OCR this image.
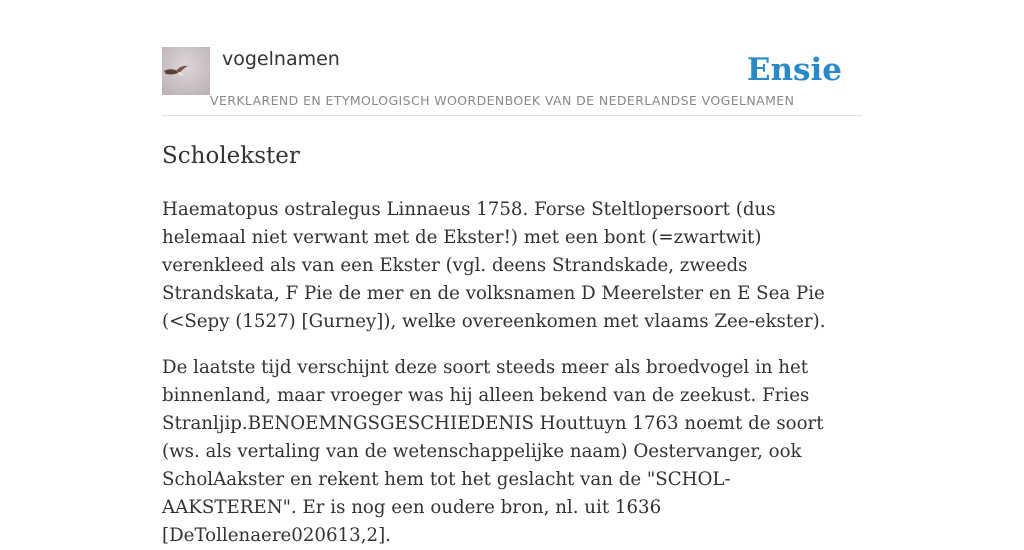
vogelnamen
VERKLAREND EN ETYMOLOGISCH WOORDENBOEK VAN DE NEDERLANDSE VOGELNAMEN
Ensie
Scholekster

Haematopus ostralegus Linnaeus 1758. Forse Steltlopersoort (dus helemaal niet verwant met de Ekster!) met een bont (=zwartwit) verenkleed als van een Ekster (vgl. deens Strandskade, zweeds Strandskata, F Pie de mer en de volksnamen D Meerelster en E Sea Pie (<Sepy (1527) [Gurney]), welke overeenkomen met vlaams Zee-ekster).

De laatste tijd verschijnt deze soort steeds meer als broedvogel in het binnenland, maar vroeger was hij alleen bekend van de zeekust. Fries Stranljip.BENOEMNGSGESCHIEDENIS Houttuyn 1763 noemt de soort (ws. als vertaling van de wetenschappelijke naam) Oestervanger, ook ScholAakster en rekent hem tot het geslacht van de "SCHOL-AAKSTEREN". Er is nog een oudere bron, nl. uit 1636 [DeTollenaere020613,2].
